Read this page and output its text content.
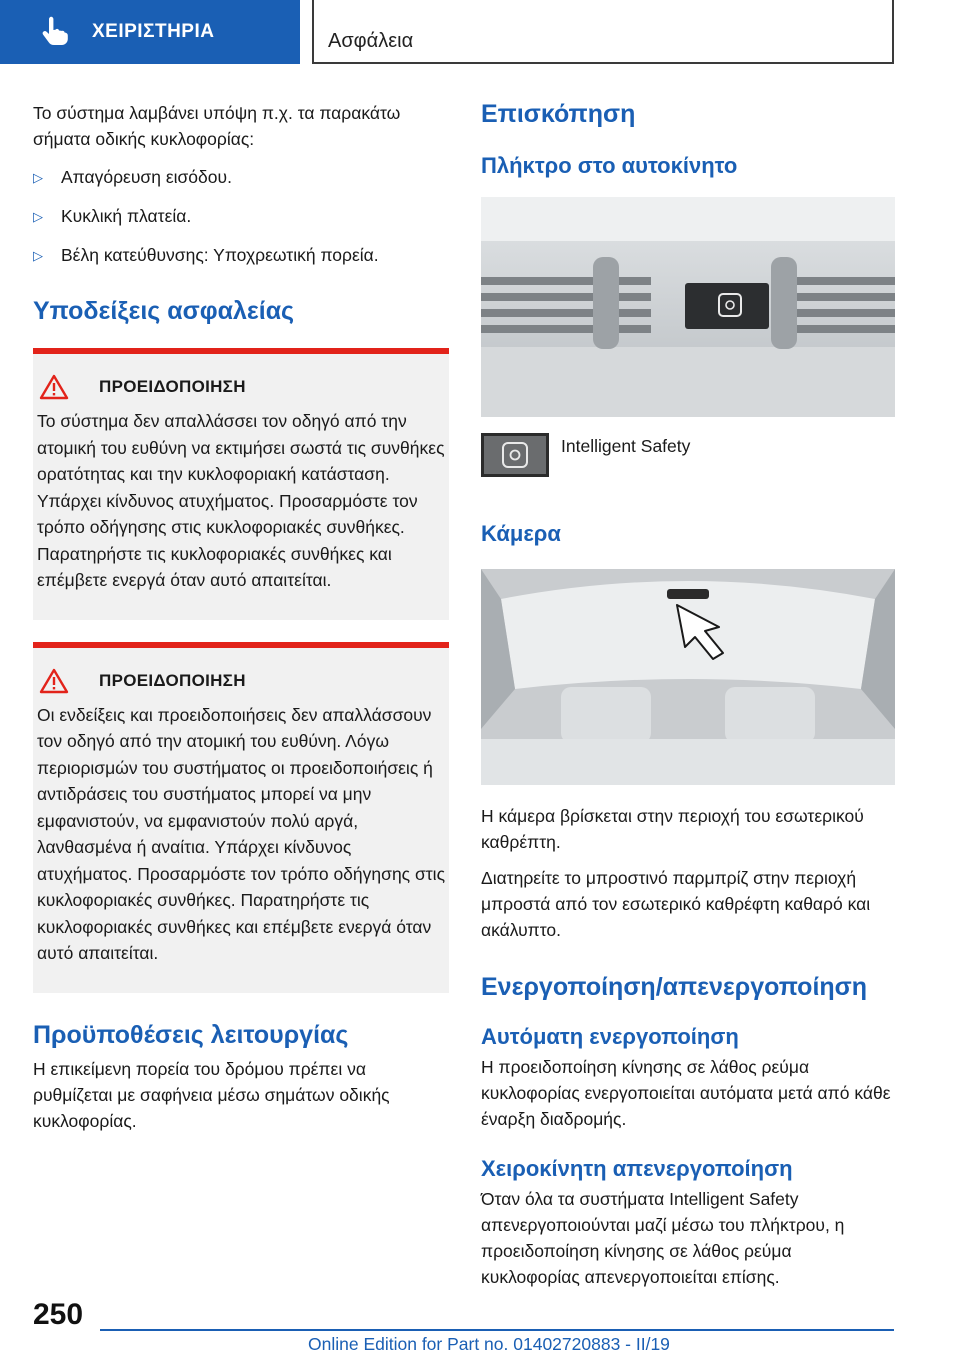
ΧΕΙΡΙΣΤΗΡΙΑ	Ασφάλεια

Το σύστημα λαμβάνει υπόψη π.χ. τα παρακάτω σήματα οδικής κυκλοφορίας:

▷	Απαγόρευση εισόδου.
▷	Κυκλική πλατεία.
▷	Βέλη κατεύθυνσης: Υποχρεωτική πορεία.
Υποδείξεις ασφαλείας
ΠΡΟΕΙΔΟΠΟΙΗΣΗ

Το σύστημα δεν απαλλάσσει τον οδηγό από την ατομική του ευθύνη να εκτιμήσει σωστά τις συνθήκες ορατότητας και την κυκλοφοριακή κατάσταση. Υπάρχει κίνδυνος ατυχήματος. Προσαρμόστε τον τρόπο οδήγησης στις κυκλοφοριακές συνθήκες. Παρατηρήστε τις κυκλοφοριακές συνθήκες και επέμβετε ενεργά όταν αυτό απαιτείται.

ΠΡΟΕΙΔΟΠΟΙΗΣΗ

Οι ενδείξεις και προειδοποιήσεις δεν απαλλάσσουν τον οδηγό από την ατομική του ευθύνη. Λόγω περιορισμών του συστήματος οι προειδοποιήσεις ή αντιδράσεις του συστήματος μπορεί να μην εμφανιστούν, να εμφανιστούν πολύ αργά, λανθασμένα ή αναίτια. Υπάρχει κίνδυνος ατυχήματος. Προσαρμόστε τον τρόπο οδήγησης στις κυκλοφοριακές συνθήκες. Παρατηρήστε τις κυκλοφοριακές συνθήκες και επέμβετε ενεργά όταν αυτό απαιτείται.

Προϋποθέσεις λειτουργίας

Η επικείμενη πορεία του δρόμου πρέπει να ρυθμίζεται με σαφήνεια μέσω σημάτων οδικής κυκλοφορίας.

Επισκόπηση
Πλήκτρο στο αυτοκίνητο
Intelligent Safety
Κάμερα

Η κάμερα βρίσκεται στην περιοχή του εσωτερικού καθρέπτη.

Διατηρείτε το μπροστινό παρμπρίζ στην περιοχή μπροστά από τον εσωτερικό καθρέφτη καθαρό και ακάλυπτο.

Ενεργοποίηση/απενεργοποίηση
Αυτόματη ενεργοποίηση

Η προειδοποίηση κίνησης σε λάθος ρεύμα κυκλοφορίας ενεργοποιείται αυτόματα μετά από κάθε έναρξη διαδρομής.

Χειροκίνητη απενεργοποίηση

Όταν όλα τα συστήματα Intelligent Safety απενεργοποιούνται μαζί μέσω του πλήκτρου, η προειδοποίηση κίνησης σε λάθος ρεύμα κυκλοφορίας απενεργοποιείται επίσης.

250
Online Edition for Part no. 01402720883 - II/19
